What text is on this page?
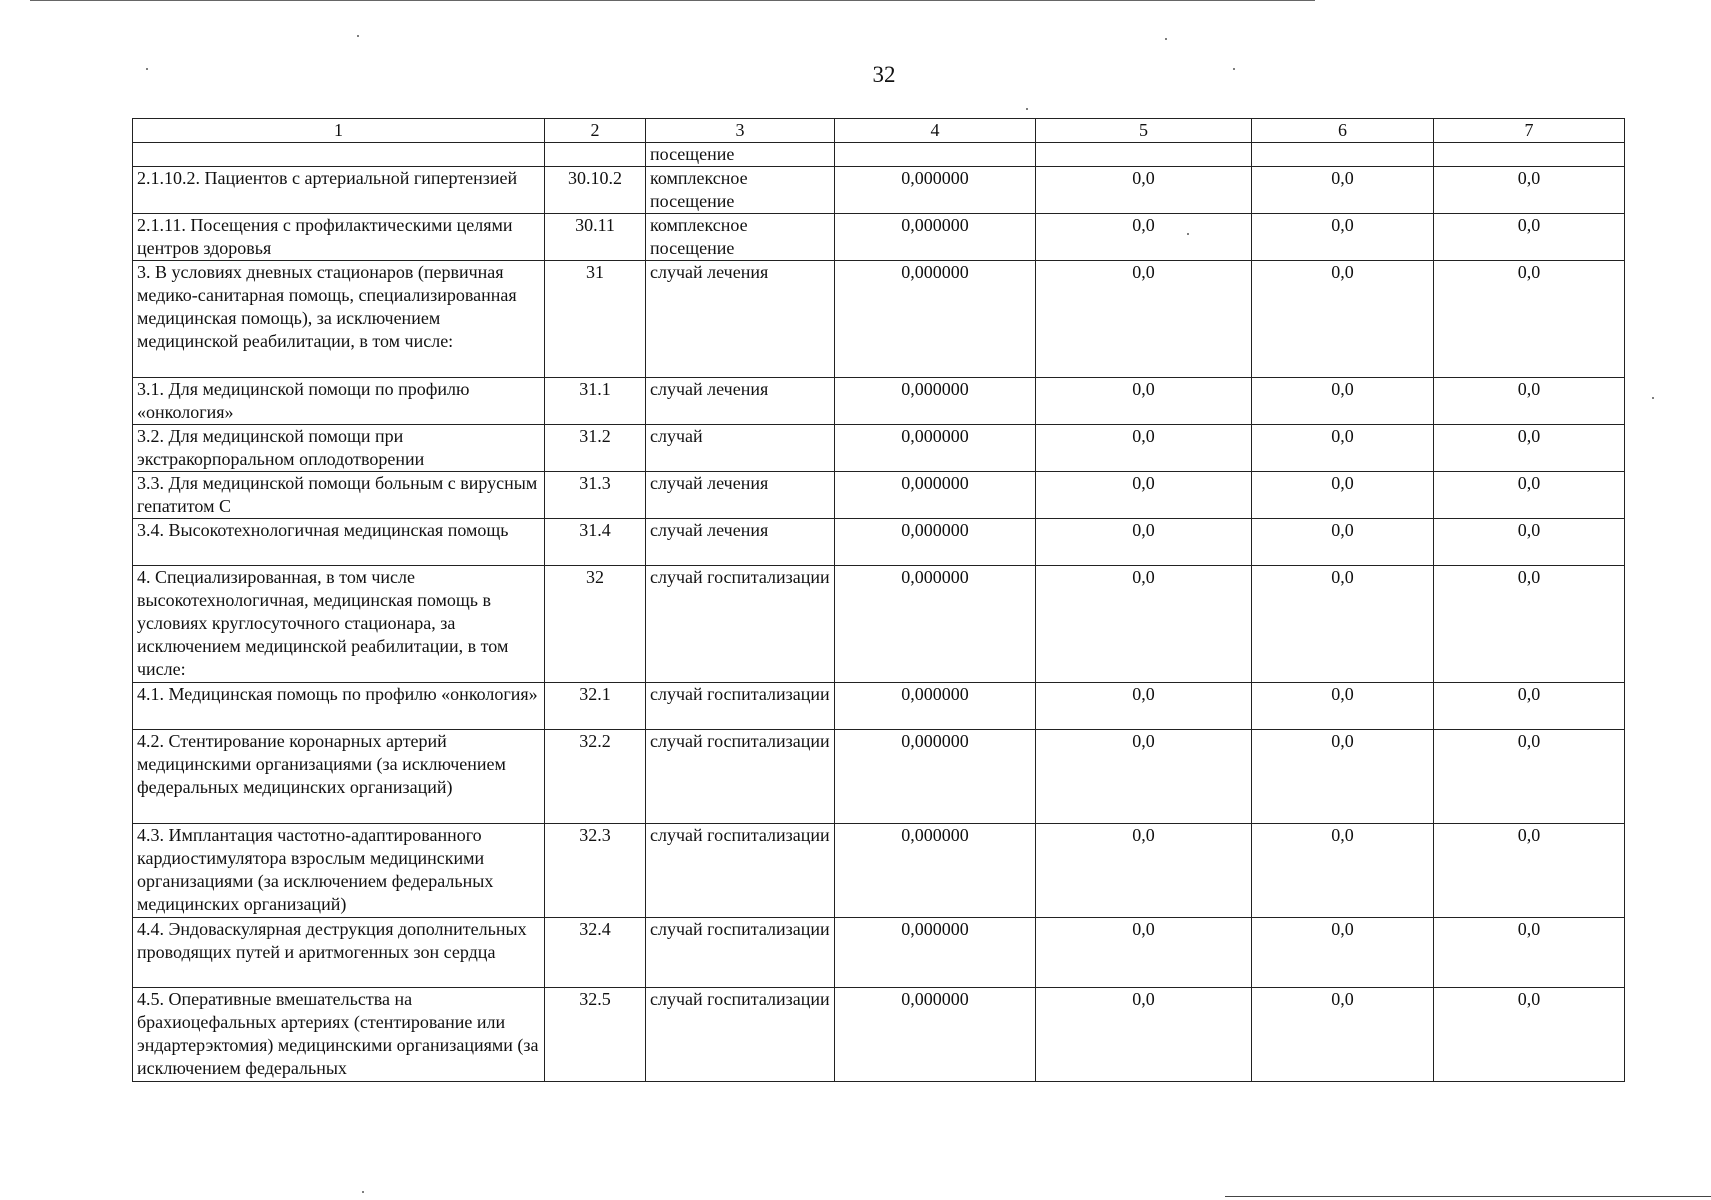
32
1	2	3	4	5	6	7
		посещение				
2.1.10.2. Пациентов с артериальной гипертензией	30.10.2	комплексное посещение	0,000000	0,0	0,0	0,0
2.1.11. Посещения с профилактическими целями центров здоровья	30.11	комплексное посещение	0,000000	0,0	0,0	0,0
3. В условиях дневных стационаров (первичная медико-санитарная помощь, специализированная медицинская помощь), за исключением медицинской реабилитации, в том числе:	31	случай лечения	0,000000	0,0	0,0	0,0
3.1. Для медицинской помощи по профилю «онкология»	31.1	случай лечения	0,000000	0,0	0,0	0,0
3.2. Для медицинской помощи при экстракорпоральном оплодотворении	31.2	случай	0,000000	0,0	0,0	0,0
3.3. Для медицинской помощи больным с вирусным гепатитом С	31.3	случай лечения	0,000000	0,0	0,0	0,0
3.4. Высокотехнологичная медицинская помощь	31.4	случай лечения	0,000000	0,0	0,0	0,0
4. Специализированная, в том числе высокотехнологичная, медицинская помощь в условиях круглосуточного стационара, за исключением медицинской реабилитации, в том числе:	32	случай госпитализации	0,000000	0,0	0,0	0,0
4.1. Медицинская помощь по профилю «онкология»	32.1	случай госпитализации	0,000000	0,0	0,0	0,0
4.2. Стентирование коронарных артерий медицинскими организациями (за исключением федеральных медицинских организаций)	32.2	случай госпитализации	0,000000	0,0	0,0	0,0
4.3. Имплантация частотно-адаптированного кардиостимулятора взрослым медицинскими организациями (за исключением федеральных медицинских организаций)	32.3	случай госпитализации	0,000000	0,0	0,0	0,0
4.4. Эндоваскулярная деструкция дополнительных проводящих путей и аритмогенных зон сердца	32.4	случай госпитализации	0,000000	0,0	0,0	0,0
4.5. Оперативные вмешательства на брахиоцефальных артериях (стентирование или эндартерэктомия) медицинскими организациями (за исключением федеральных	32.5	случай госпитализации	0,000000	0,0	0,0	0,0
